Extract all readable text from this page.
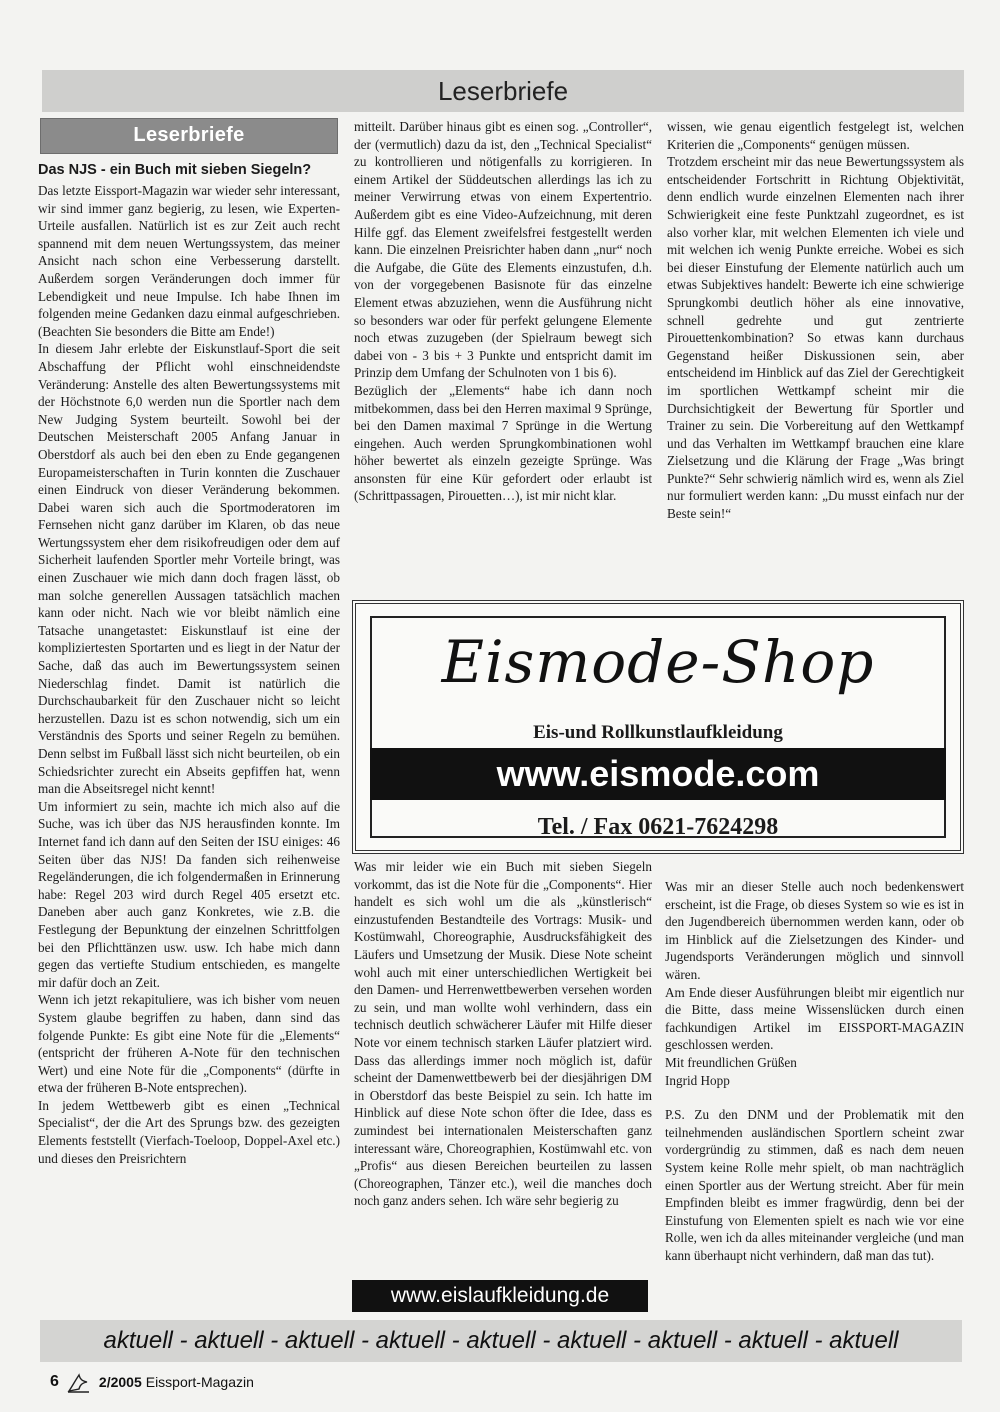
Leserbriefe
Leserbriefe
Das NJS - ein Buch mit sieben Siegeln?

Das letzte Eissport-Magazin war wieder sehr interessant, wir sind immer ganz begierig, zu lesen, wie Experten-Urteile ausfallen. Natürlich ist es zur Zeit auch recht spannend mit dem neuen Wertungssystem, das meiner Ansicht nach schon eine Verbesserung darstellt. Außerdem sorgen Veränderungen doch immer für Lebendigkeit und neue Impulse. Ich habe Ihnen im folgenden meine Gedanken dazu einmal aufgeschrieben. (Beachten Sie besonders die Bitte am Ende!)

In diesem Jahr erlebte der Eiskunstlauf-Sport die seit Abschaffung der Pflicht wohl einschneidendste Veränderung: Anstelle des alten Bewertungssystems mit der Höchstnote 6,0 werden nun die Sportler nach dem New Judging System beurteilt. Sowohl bei der Deutschen Meisterschaft 2005 Anfang Januar in Oberstdorf als auch bei den eben zu Ende gegangenen Europameisterschaften in Turin konnten die Zuschauer einen Eindruck von dieser Veränderung bekommen. Dabei waren sich auch die Sportmoderatoren im Fernsehen nicht ganz darüber im Klaren, ob das neue Wertungssystem eher dem risikofreudigen oder dem auf Sicherheit laufenden Sportler mehr Vorteile bringt, was einen Zuschauer wie mich dann doch fragen lässt, ob man solche generellen Aussagen tatsächlich machen kann oder nicht. Nach wie vor bleibt nämlich eine Tatsache unangetastet: Eiskunstlauf ist eine der kompliziertesten Sportarten und es liegt in der Natur der Sache, daß das auch im Bewertungssystem seinen Niederschlag findet. Damit ist natürlich die Durchschaubarkeit für den Zuschauer nicht so leicht herzustellen. Dazu ist es schon notwendig, sich um ein Verständnis des Sports und seiner Regeln zu bemühen. Denn selbst im Fußball lässt sich nicht beurteilen, ob ein Schiedsrichter zurecht ein Abseits gepfiffen hat, wenn man die Abseitsregel nicht kennt!

Um informiert zu sein, machte ich mich also auf die Suche, was ich über das NJS herausfinden konnte. Im Internet fand ich dann auf den Seiten der ISU einiges: 46 Seiten über das NJS! Da fanden sich reihenweise Regeländerungen, die ich folgendermaßen in Erinnerung habe: Regel 203 wird durch Regel 405 ersetzt etc. Daneben aber auch ganz Konkretes, wie z.B. die Festlegung der Bepunktung der einzelnen Schrittfolgen bei den Pflichttänzen usw. usw. Ich habe mich dann gegen das vertiefte Studium entschieden, es mangelte mir dafür doch an Zeit.

Wenn ich jetzt rekapituliere, was ich bisher vom neuen System glaube begriffen zu haben, dann sind das folgende Punkte: Es gibt eine Note für die „Elements“ (entspricht der früheren A-Note für den technischen Wert) und eine Note für die „Components“ (dürfte in etwa der früheren B-Note entsprechen).

In jedem Wettbewerb gibt es einen „Technical Specialist“, der die Art des Sprungs bzw. des gezeigten Elements feststellt (Vierfach-Toeloop, Doppel-Axel etc.) und dieses den Preisrichtern

mitteilt. Darüber hinaus gibt es einen sog. „Controller“, der (vermutlich) dazu da ist, den „Technical Specialist“ zu kontrollieren und nötigenfalls zu korrigieren. In einem Artikel der Süddeutschen allerdings las ich zu meiner Verwirrung etwas von einem Expertentrio. Außerdem gibt es eine Video-Aufzeichnung, mit deren Hilfe ggf. das Element zweifelsfrei festgestellt werden kann. Die einzelnen Preisrichter haben dann „nur“ noch die Aufgabe, die Güte des Elements einzustufen, d.h. von der vorgegebenen Basisnote für das einzelne Element etwas abzuziehen, wenn die Ausführung nicht so besonders war oder für perfekt gelungene Elemente noch etwas zuzugeben (der Spielraum bewegt sich dabei von - 3 bis + 3 Punkte und entspricht damit im Prinzip dem Umfang der Schulnoten von 1 bis 6).

Bezüglich der „Elements“ habe ich dann noch mitbekommen, dass bei den Herren maximal 9 Sprünge, bei den Damen maximal 7 Sprünge in die Wertung eingehen. Auch werden Sprungkombinationen wohl höher bewertet als einzeln gezeigte Sprünge. Was ansonsten für eine Kür gefordert oder erlaubt ist (Schrittpassagen, Pirouetten…), ist mir nicht klar.

wissen, wie genau eigentlich festgelegt ist, welchen Kriterien die „Components“ genügen müssen.

Trotzdem erscheint mir das neue Bewertungssystem als entscheidender Fortschritt in Richtung Objektivität, denn endlich wurde einzelnen Elementen nach ihrer Schwierigkeit eine feste Punktzahl zugeordnet, es ist also vorher klar, mit welchen Elementen ich viele und mit welchen ich wenig Punkte erreiche. Wobei es sich bei dieser Einstufung der Elemente natürlich auch um etwas Subjektives handelt: Bewerte ich eine schwierige Sprungkombi deutlich höher als eine innovative, schnell gedrehte und gut zentrierte Pirouettenkombination? So etwas kann durchaus Gegenstand heißer Diskussionen sein, aber entscheidend im Hinblick auf das Ziel der Gerechtigkeit im sportlichen Wettkampf scheint mir die Durchsichtigkeit der Bewertung für Sportler und Trainer zu sein. Die Vorbereitung auf den Wettkampf und das Verhalten im Wettkampf brauchen eine klare Zielsetzung und die Klärung der Frage „Was bringt Punkte?“ Sehr schwierig nämlich wird es, wenn als Ziel nur formuliert werden kann: „Du musst einfach nur der Beste sein!“

Eismode-Shop
Eis-und Rollkunstlaufkleidung
www.eismode.com
Tel. / Fax 0621-7624298

Was mir leider wie ein Buch mit sieben Siegeln vorkommt, das ist die Note für die „Components“. Hier handelt es sich wohl um die als „künstlerisch“ einzustufenden Bestandteile des Vortrags: Musik- und Kostümwahl, Choreographie, Ausdrucksfähigkeit des Läufers und Umsetzung der Musik. Diese Note scheint wohl auch mit einer unterschiedlichen Wertigkeit bei den Damen- und Herrenwettbewerben versehen worden zu sein, und man wollte wohl verhindern, dass ein technisch deutlich schwächerer Läufer mit Hilfe dieser Note vor einem technisch starken Läufer platziert wird. Dass das allerdings immer noch möglich ist, dafür scheint der Damenwettbewerb bei der diesjährigen DM in Oberstdorf das beste Beispiel zu sein. Ich hatte im Hinblick auf diese Note schon öfter die Idee, dass es zumindest bei internationalen Meisterschaften ganz interessant wäre, Choreographien, Kostümwahl etc. von „Profis“ aus diesen Bereichen beurteilen zu lassen (Choreographen, Tänzer etc.), weil die manches doch noch ganz anders sehen. Ich wäre sehr begierig zu

Was mir an dieser Stelle auch noch bedenkenswert erscheint, ist die Frage, ob dieses System so wie es ist in den Jugendbereich übernommen werden kann, oder ob im Hinblick auf die Zielsetzungen des Kinder- und Jugendsports Veränderungen möglich und sinnvoll wären.

Am Ende dieser Ausführungen bleibt mir eigentlich nur die Bitte, dass meine Wissenslücken durch einen fachkundigen Artikel im EISSPORT-MAGAZIN geschlossen werden.

Mit freundlichen Grüßen

Ingrid Hopp

P.S. Zu den DNM und der Problematik mit den teilnehmenden ausländischen Sportlern scheint zwar vordergründig zu stimmen, daß es nach dem neuen System keine Rolle mehr spielt, ob man nachträglich einen Sportler aus der Wertung streicht. Aber für mein Empfinden bleibt es immer fragwürdig, denn bei der Einstufung von Elementen spielt es nach wie vor eine Rolle, wen ich da alles miteinander vergleiche (und man kann überhaupt nicht verhindern, daß man das tut).

www.eislaufkleidung.de
aktuell - aktuell - aktuell - aktuell - aktuell - aktuell - aktuell - aktuell - aktuell
6	2/2005 Eissport-Magazin
